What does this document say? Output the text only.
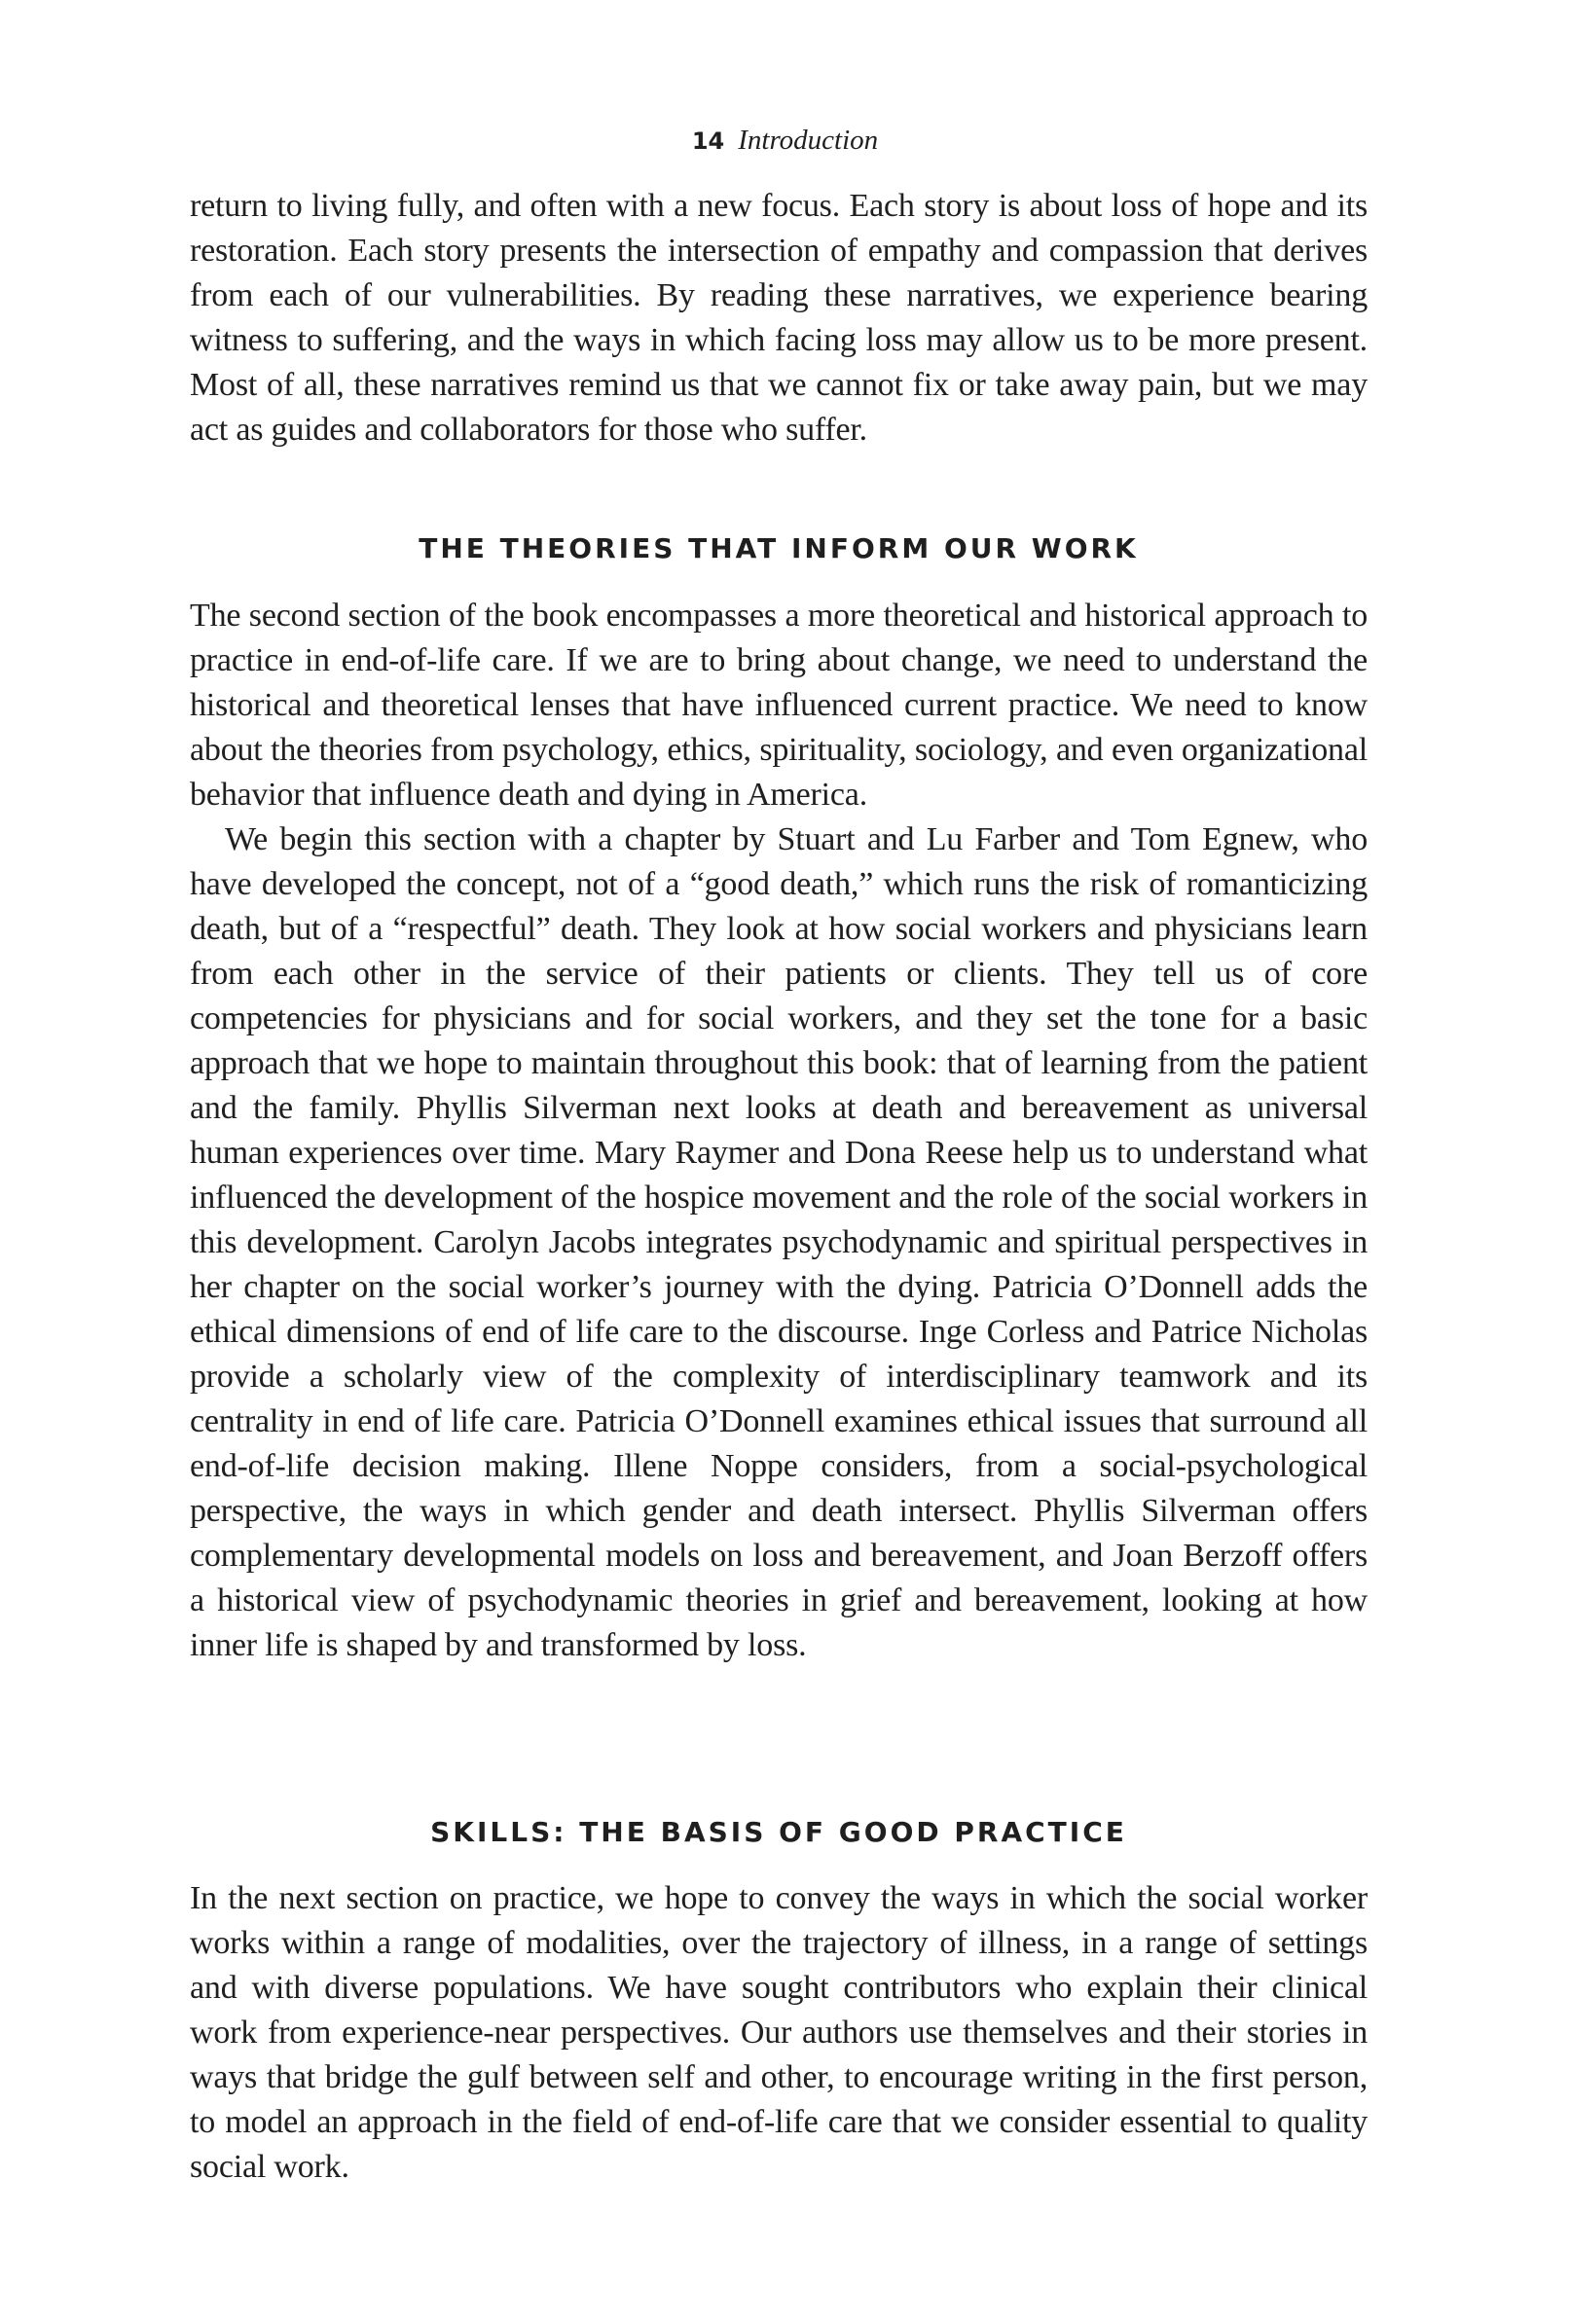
14 Introduction

return to living fully, and often with a new focus. Each story is about loss of hope and its restoration. Each story presents the intersection of empathy and compassion that derives from each of our vulnerabilities. By reading these narratives, we experience bearing witness to suffering, and the ways in which facing loss may allow us to be more present. Most of all, these narratives remind us that we cannot fix or take away pain, but we may act as guides and collaborators for those who suffer.

THE THEORIES THAT INFORM OUR WORK

The second section of the book encompasses a more theoretical and historical approach to practice in end-of-life care. If we are to bring about change, we need to understand the historical and theoretical lenses that have influenced current practice. We need to know about the theories from psychology, ethics, spirituality, sociology, and even organizational behavior that influence death and dying in America.

We begin this section with a chapter by Stuart and Lu Farber and Tom Egnew, who have developed the concept, not of a “good death,” which runs the risk of romanticizing death, but of a “respectful” death. They look at how social workers and physicians learn from each other in the service of their patients or clients. They tell us of core competencies for physicians and for social workers, and they set the tone for a basic approach that we hope to maintain throughout this book: that of learning from the patient and the family. Phyllis Silverman next looks at death and bereavement as universal human experiences over time. Mary Raymer and Dona Reese help us to understand what influenced the development of the hospice movement and the role of the social workers in this development. Carolyn Jacobs integrates psychodynamic and spiritual perspectives in her chapter on the social worker’s journey with the dying. Patricia O’Donnell adds the ethical dimensions of end of life care to the discourse. Inge Corless and Patrice Nicholas provide a scholarly view of the complexity of interdisciplinary teamwork and its centrality in end of life care. Patricia O’Donnell examines ethical issues that surround all end-of-life decision making. Illene Noppe considers, from a social-psychological perspective, the ways in which gender and death intersect. Phyllis Silverman offers complementary developmental models on loss and bereavement, and Joan Berzoff offers a historical view of psychodynamic theories in grief and bereavement, looking at how inner life is shaped by and transformed by loss.

SKILLS: THE BASIS OF GOOD PRACTICE

In the next section on practice, we hope to convey the ways in which the social worker works within a range of modalities, over the trajectory of illness, in a range of settings and with diverse populations. We have sought contributors who explain their clinical work from experience-near perspectives. Our authors use themselves and their stories in ways that bridge the gulf between self and other, to encourage writing in the first person, to model an approach in the field of end-of-life care that we consider essential to quality social work.
